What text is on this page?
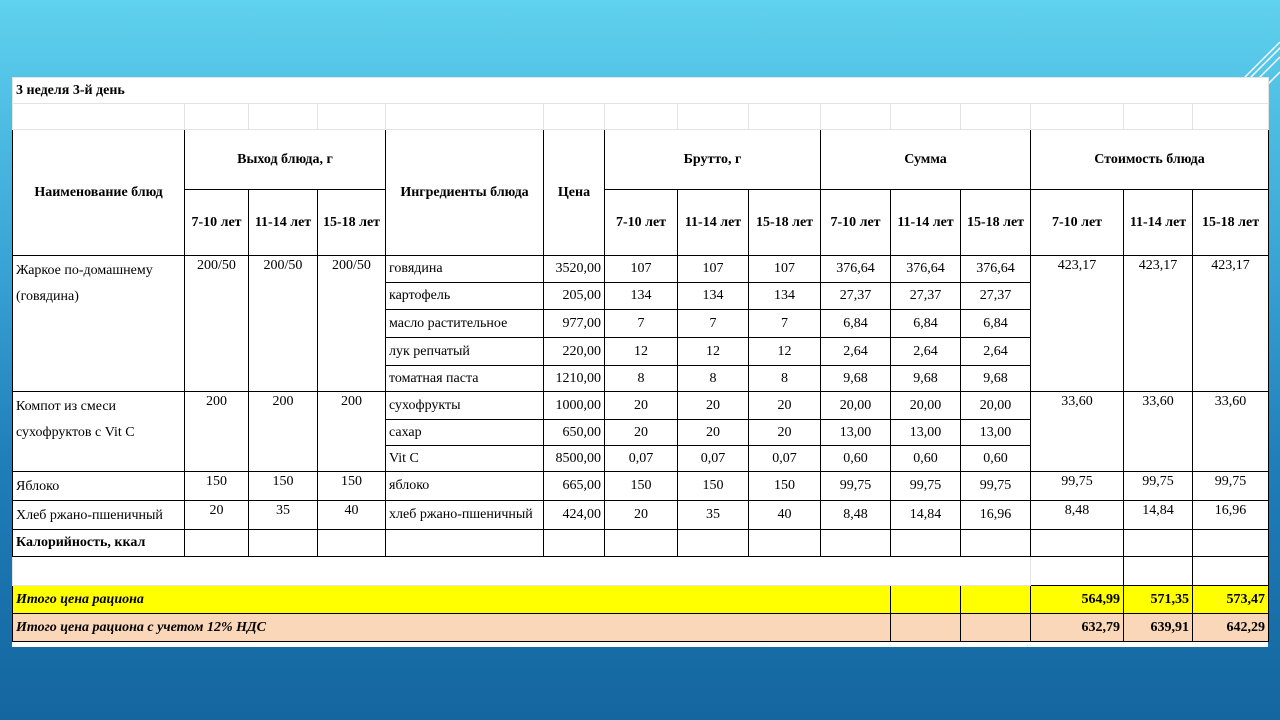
3 неделя 3-й день														

Наименование блюд	Выход блюда, г			Ингредиенты блюда	Цена	Брутто, г			Сумма			Стоимость блюда		
	7-10 лет	11-14 лет	15-18 лет			7-10 лет	11-14 лет	15-18 лет	7-10 лет	11-14 лет	15-18 лет	7-10 лет	11-14 лет	15-18 лет
Жаркое по-домашнему (говядина)	200/50	200/50	200/50	говядина	3520,00	107	107	107	376,64	376,64	376,64	423,17	423,17	423,17
				картофель	205,00	134	134	134	27,37	27,37	27,37			
				масло растительное	977,00	7	7	7	6,84	6,84	6,84			
				лук репчатый	220,00	12	12	12	2,64	2,64	2,64			
				томатная паста	1210,00	8	8	8	9,68	9,68	9,68			
Компот из смеси сухофруктов с Vit C	200	200	200	сухофрукты	1000,00	20	20	20	20,00	20,00	20,00	33,60	33,60	33,60
				сахар	650,00	20	20	20	13,00	13,00	13,00			
				Vit C	8500,00	0,07	0,07	0,07	0,60	0,60	0,60			
Яблоко	150	150	150	яблоко	665,00	150	150	150	99,75	99,75	99,75	99,75	99,75	99,75
Хлеб ржано-пшеничный	20	35	40	хлеб ржано-пшеничный	424,00	20	35	40	8,48	14,84	16,96	8,48	14,84	16,96
Калорийность, ккал														

Итого цена рациона												564,99	571,35	573,47
Итого цена рациона с учетом 12% НДС												632,79	639,91	642,29
